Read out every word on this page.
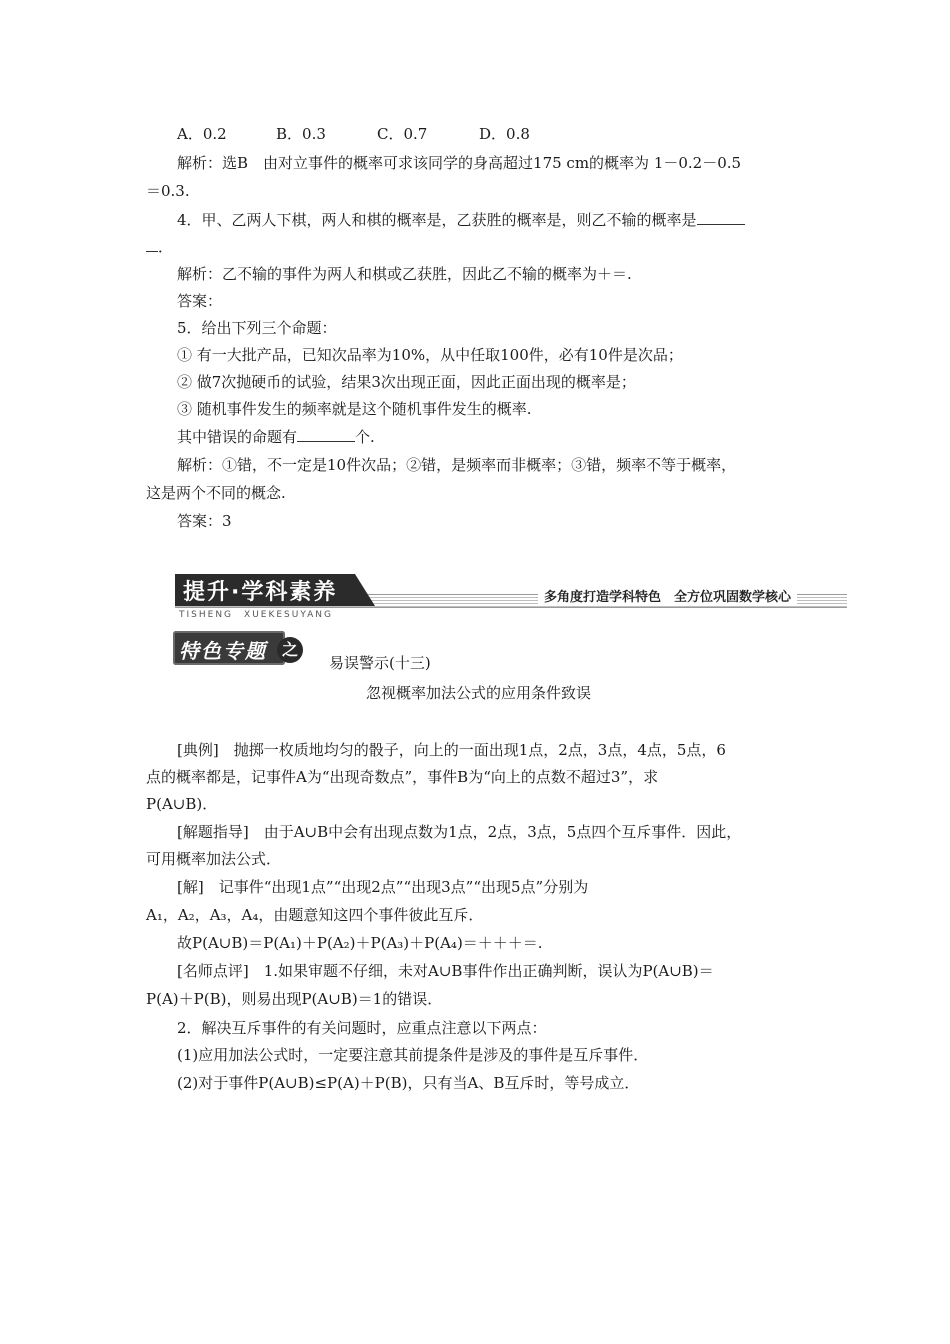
A．0.2	B．0.3	C．0.7	D．0.8
解析：选B　由对立事件的概率可求该同学的身高超过175 cm的概率为 1－0.2－0.5
＝0.3.
4．甲、乙两人下棋，两人和棋的概率是，乙获胜的概率是，则乙不输的概率是
．
解析：乙不输的事件为两人和棋或乙获胜，因此乙不输的概率为＋＝.
答案：
5．给出下列三个命题：
① 有一大批产品，已知次品率为10%，从中任取100件，必有10件是次品；
② 做7次抛硬币的试验，结果3次出现正面，因此正面出现的概率是；
③ 随机事件发生的频率就是这个随机事件发生的概率.
其中错误的命题有	个.
解析：①错，不一定是10件次品；②错，是频率而非概率；③错，频率不等于概率，
这是两个不同的概念.
答案：3
提升·学科素养
TISHENG　XUEKESUYANG
多角度打造学科特色　全方位巩固数学核心
特色专题 之
易误警示(十三)
忽视概率加法公式的应用条件致误
[典例]　抛掷一枚质地均匀的骰子，向上的一面出现1点，2点，3点，4点，5点，6
点的概率都是，记事件A为“出现奇数点”，事件B为“向上的点数不超过3”，求
P(A∪B)．
[解题指导]　由于A∪B中会有出现点数为1点，2点，3点，5点四个互斥事件．因此，
可用概率加法公式．
[解]　记事件“出现1点”“出现2点”“出现3点”“出现5点”分别为
A₁，A₂，A₃，A₄，由题意知这四个事件彼此互斥．
故P(A∪B)＝P(A₁)＋P(A₂)＋P(A₃)＋P(A₄)＝＋＋＋＝.
[名师点评]　1.如果审题不仔细，未对A∪B事件作出正确判断，误认为P(A∪B)＝
P(A)＋P(B)，则易出现P(A∪B)＝1的错误．
2．解决互斥事件的有关问题时，应重点注意以下两点：
(1)应用加法公式时，一定要注意其前提条件是涉及的事件是互斥事件．
(2)对于事件P(A∪B)≤P(A)＋P(B)，只有当A、B互斥时，等号成立．
